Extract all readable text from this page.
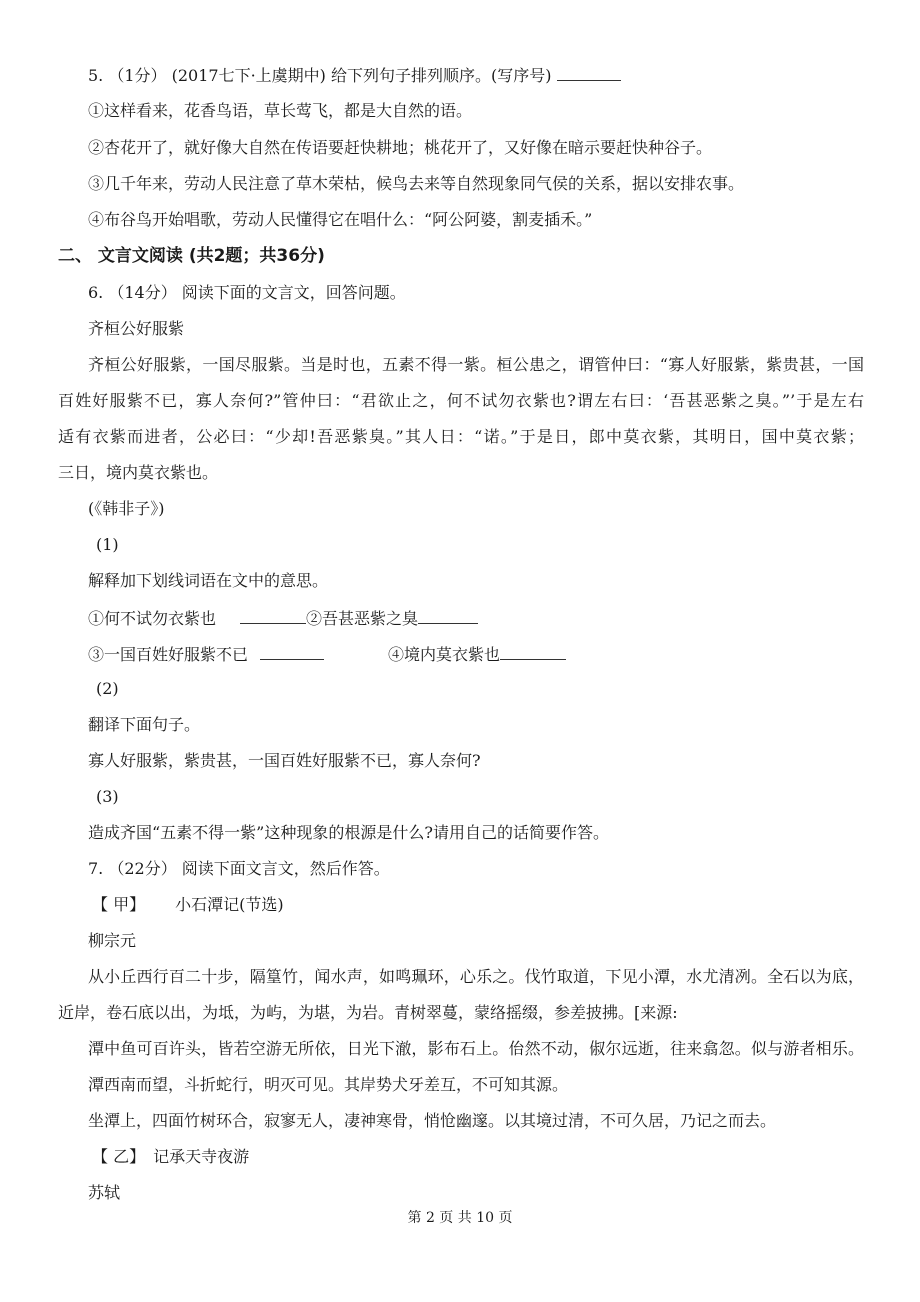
5. （1分） (2017七下·上虞期中) 给下列句子排列顺序。(写序号)
①这样看来，花香鸟语，草长莺飞，都是大自然的语。
②杏花开了，就好像大自然在传语要赶快耕地；桃花开了，又好像在暗示要赶快种谷子。
③几千年来，劳动人民注意了草木荣枯，候鸟去来等自然现象同气侯的关系，据以安排农事。
④布谷鸟开始唱歌，劳动人民懂得它在唱什么：“阿公阿婆，割麦插禾。”
二、 文言文阅读 (共2题；共36分)
6. （14分） 阅读下面的文言文，回答问题。
齐桓公好服紫
齐桓公好服紫，一国尽服紫。当是时也，五素不得一紫。桓公患之，谓管仲曰：“寡人好服紫，紫贵甚，一国
百姓好服紫不已，寡人奈何?”管仲曰：“君欲止之，何不试勿衣紫也?谓左右曰：‘吾甚恶紫之臭。”’于是左右
适有衣紫而进者，公必曰：“少却!吾恶紫臭。”其人日：“诺。”于是日，郎中莫衣紫，其明日，国中莫衣紫；
三日，境内莫衣紫也。
(《韩非子》)
(1)
解释加下划线词语在文中的意思。
①何不试勿衣紫也	②吾甚恶紫之臭
③一国百姓好服紫不已	④境内莫衣紫也
(2)
翻译下面句子。
寡人好服紫，紫贵甚，一国百姓好服紫不已，寡人奈何?
(3)
造成齐国“五素不得一紫”这种现象的根源是什么?请用自己的话简要作答。
7. （22分） 阅读下面文言文，然后作答。
【 甲】 小石潭记(节选)
柳宗元
从小丘西行百二十步，隔篁竹，闻水声，如鸣珮环，心乐之。伐竹取道，下见小潭，水尤清冽。全石以为底，
近岸，卷石底以出，为坻，为屿，为堪，为岩。青树翠蔓，蒙络摇缀，参差披拂。[来源:
潭中鱼可百许头，皆若空游无所依，日光下澈，影布石上。佁然不动，俶尔远逝，往来翕忽。似与游者相乐。
潭西南而望，斗折蛇行，明灭可见。其岸势犬牙差互，不可知其源。
坐潭上，四面竹树环合，寂寥无人，凄神寒骨，悄怆幽邃。以其境过清，不可久居，乃记之而去。
【 乙】 记承天寺夜游
苏轼
第 2 页 共 10 页
